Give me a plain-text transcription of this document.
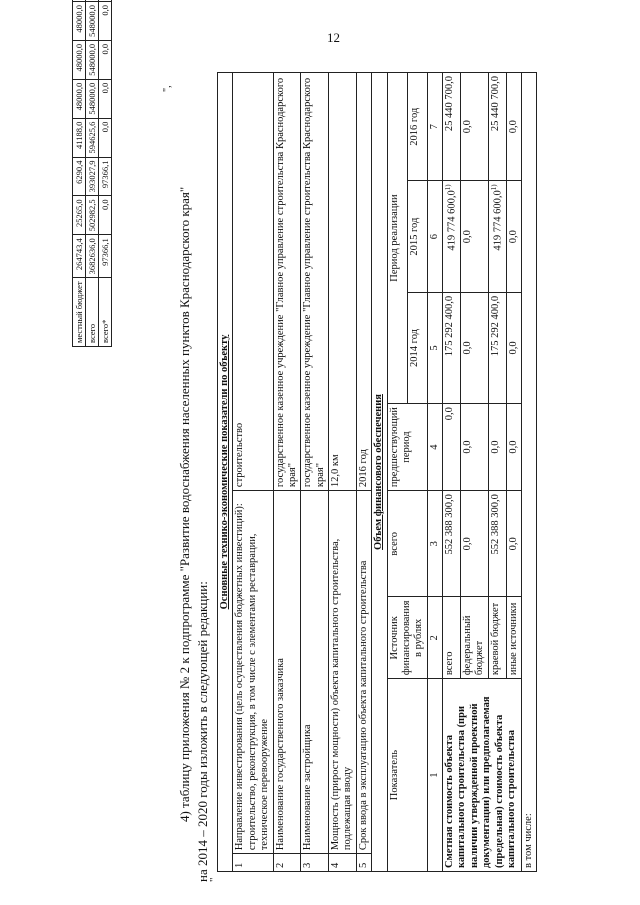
12
местный бюджет	264743,4	25265,0	6290,4	41188,0	48000,0	48000,0	48000,0	
всего	3682636,0	502982,5	393027,9	594625,6	548000,0	548000,0	548000,0	
всего*	97366,1	0,0	97366,1	0,0	0,0	0,0	0,0	
",
4) таблицу приложения № 2 к подпрограмме "Развитие водоснабжения населенных пунктов Краснодарского края" на 2014 – 2020 годы изложить в следующей редакции:
"
Основные технико-экономические показатели по объекту							
1	Направление инвестирования (цель осуществления бюджетных инвестиций): строительство, реконструкция, в том числе с элементами реставрации, техническое перевооружение			строительство			
2	Наименование государственного заказчика			государственное казенное учреждение "Главное управление строительства Краснодарского края"			
3	Наименование застройщика			государственное казенное учреждение "Главное управление строительства Краснодарского края"			
4	Мощность (прирост мощности) объекта капитального строительства, подлежащая вводу			12,0 км			
5	Срок ввода в эксплуатацию объекта капитального строительства			2016 год			
Объем финансового обеспечения							
Показатель		Источник финансирования в рублях	всего	предшествующий период	Период реализации		
					2014 год	2015 год	2016 год
1		2	3	4	5	6	7
Сметная стоимость объекта капитального строительства (при наличии утвержденной проектной документации) или предполагаемая (предельная) стоимость объекта капитального строительства		всего	552 388 300,0	0,0	175 292 400,0	419 774 600,0$^{1)}$	25 440 700,0
		федеральный бюджет	0,0	0,0	0,0	0,0	0,0
		краевой бюджет	552 388 300,0	0,0	175 292 400,0	419 774 600,0$^{1)}$	25 440 700,0
		иные источники	0,0	0,0	0,0	0,0	0,0
в том числе:							
